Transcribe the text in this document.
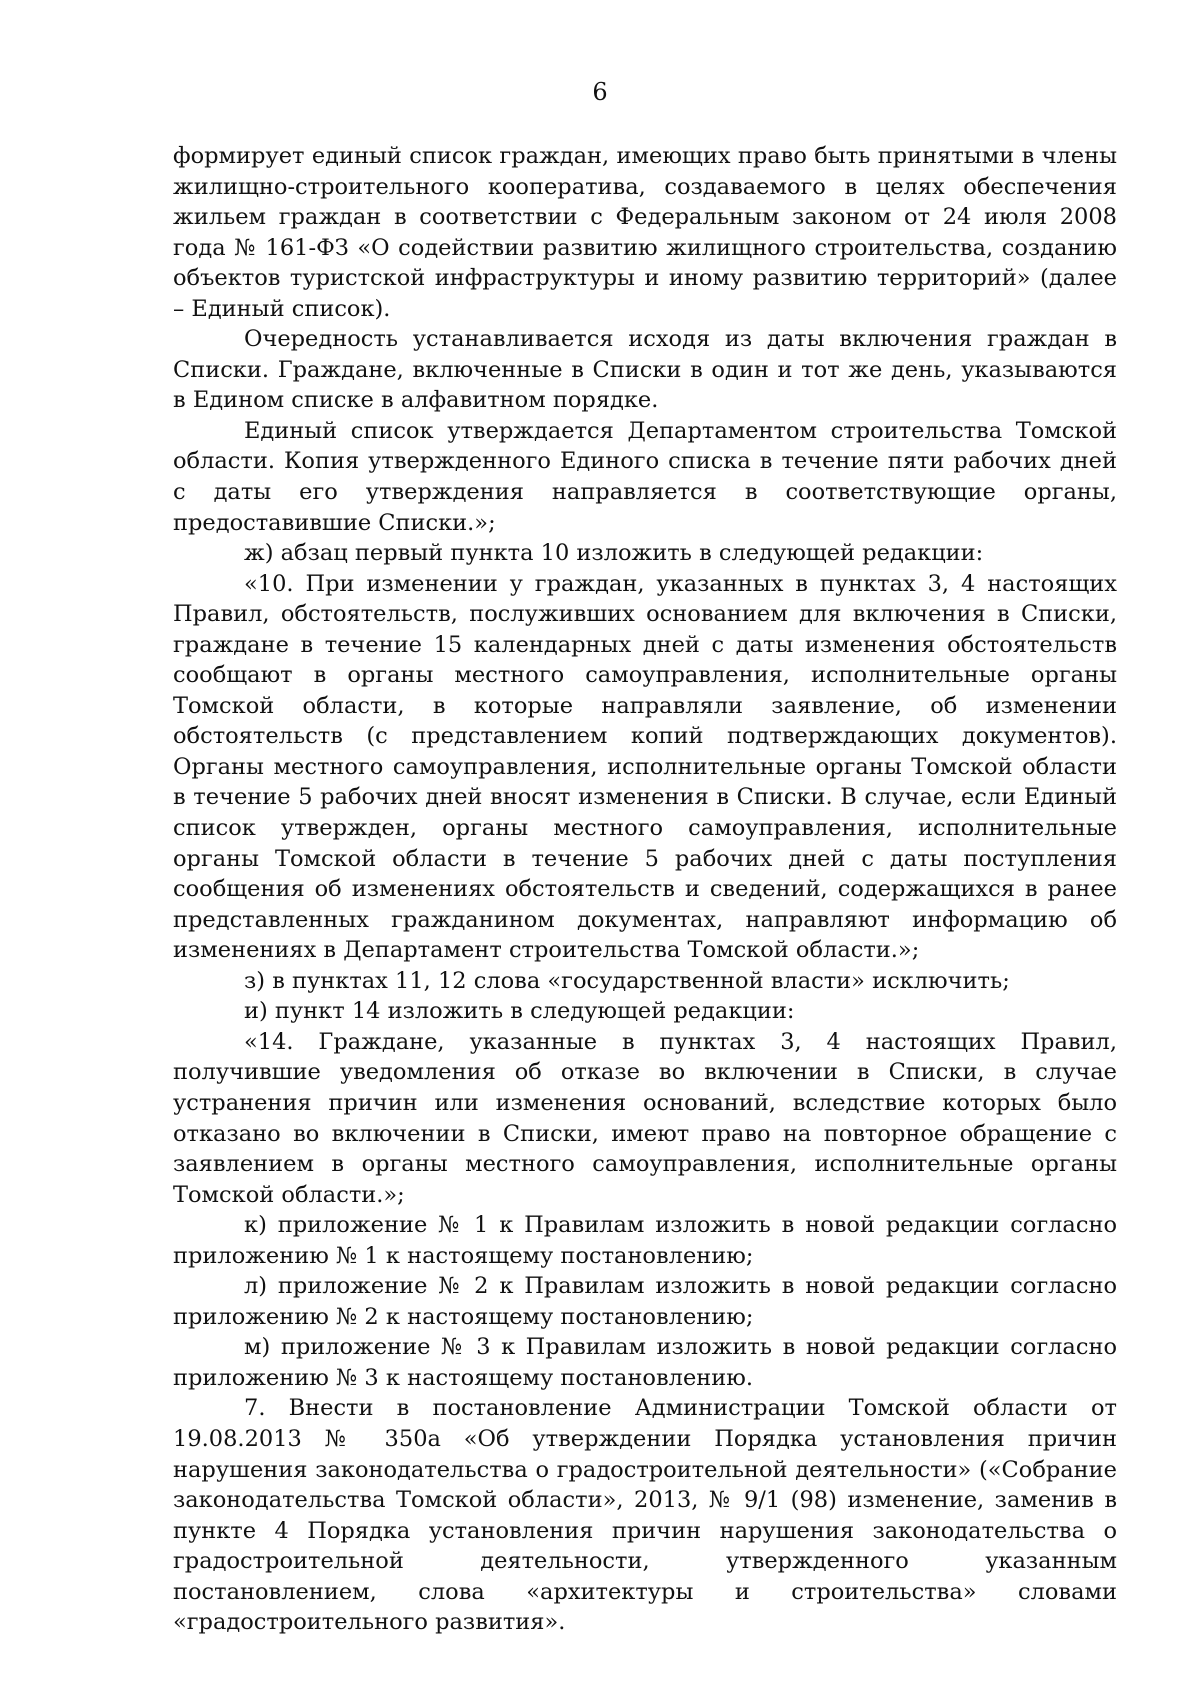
6

формирует единый список граждан, имеющих право быть принятыми в члены жилищно-строительного кооператива, создаваемого в целях обеспечения жильем граждан в соответствии с Федеральным законом от 24 июля 2008 года № 161-ФЗ «О содействии развитию жилищного строительства, созданию объектов туристской инфраструктуры и иному развитию территорий» (далее – Единый список).

Очередность устанавливается исходя из даты включения граждан в Списки. Граждане, включенные в Списки в один и тот же день, указываются в Едином списке в алфавитном порядке.

Единый список утверждается Департаментом строительства Томской области. Копия утвержденного Единого списка в течение пяти рабочих дней с даты его утверждения направляется в соответствующие органы, предоставившие Списки.»;

ж) абзац первый пункта 10 изложить в следующей редакции:

«10. При изменении у граждан, указанных в пунктах 3, 4 настоящих Правил, обстоятельств, послуживших основанием для включения в Списки, граждане в течение 15 календарных дней с даты изменения обстоятельств сообщают в органы местного самоуправления, исполнительные органы Томской области, в которые направляли заявление, об изменении обстоятельств (с представлением копий подтверждающих документов). Органы местного самоуправления, исполнительные органы Томской области в течение 5 рабочих дней вносят изменения в Списки. В случае, если Единый список утвержден, органы местного самоуправления, исполнительные органы Томской области в течение 5 рабочих дней с даты поступления сообщения об изменениях обстоятельств и сведений, содержащихся в ранее представленных гражданином документах, направляют информацию об изменениях в Департамент строительства Томской области.»;

з) в пунктах 11, 12 слова «государственной власти» исключить;

и) пункт 14 изложить в следующей редакции:

«14. Граждане, указанные в пунктах 3, 4 настоящих Правил, получившие уведомления об отказе во включении в Списки, в случае устранения причин или изменения оснований, вследствие которых было отказано во включении в Списки, имеют право на повторное обращение с заявлением в органы местного самоуправления, исполнительные органы Томской области.»;

к) приложение № 1 к Правилам изложить в новой редакции согласно приложению № 1 к настоящему постановлению;

л) приложение № 2 к Правилам изложить в новой редакции согласно приложению № 2 к настоящему постановлению;

м) приложение № 3 к Правилам изложить в новой редакции согласно приложению № 3 к настоящему постановлению.

7. Внести в постановление Администрации Томской области от 19.08.2013 № 350а «Об утверждении Порядка установления причин нарушения законодательства о градостроительной деятельности» («Собрание законодательства Томской области», 2013, № 9/1 (98) изменение, заменив в пункте 4 Порядка установления причин нарушения законодательства о градостроительной деятельности, утвержденного указанным постановлением, слова «архитектуры и строительства» словами «градостроительного развития».
